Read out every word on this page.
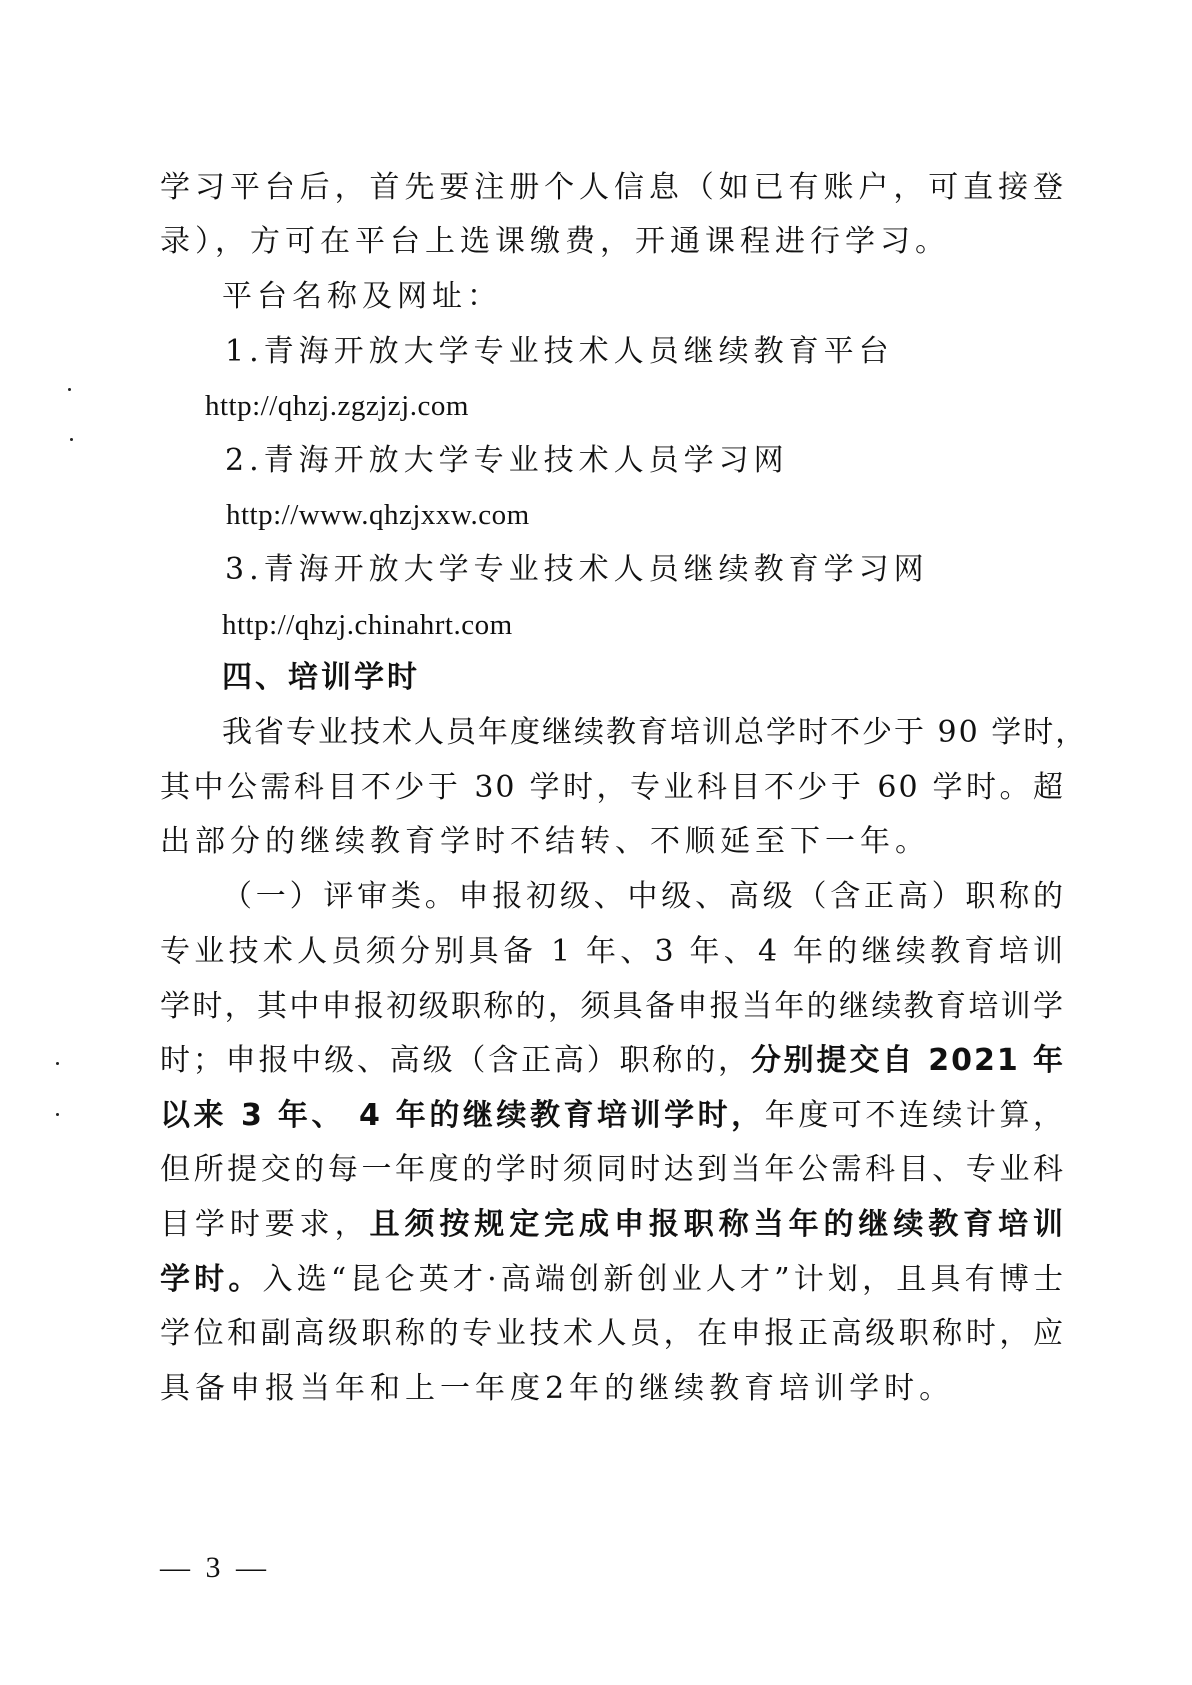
学习平台后，首先要注册个人信息（如已有账户，可直接登
录），方可在平台上选课缴费，开通课程进行学习。
平台名称及网址：
1.青海开放大学专业技术人员继续教育平台
http://qhzj.zgzjzj.com
2.青海开放大学专业技术人员学习网
http://www.qhzjxxw.com
3.青海开放大学专业技术人员继续教育学习网
http://qhzj.chinahrt.com
四、培训学时
我省专业技术人员年度继续教育培训总学时不少于 90 学时，
其中公需科目不少于 30 学时，专业科目不少于 60 学时。超
出部分的继续教育学时不结转、不顺延至下一年。
（一）评审类。申报初级、中级、高级（含正高）职称的
专业技术人员须分别具备 1 年、3 年、4 年的继续教育培训
学时，其中申报初级职称的，须具备申报当年的继续教育培训学
时；申报中级、高级（含正高）职称的，分别提交自 2021 年
以来 3 年、 4 年的继续教育培训学时，年度可不连续计算，
但所提交的每一年度的学时须同时达到当年公需科目、专业科
目学时要求，且须按规定完成申报职称当年的继续教育培训
学时。入选“昆仑英才·高端创新创业人才”计划，且具有博士
学位和副高级职称的专业技术人员，在申报正高级职称时，应
具备申报当年和上一年度2年的继续教育培训学时。
— 3 —
